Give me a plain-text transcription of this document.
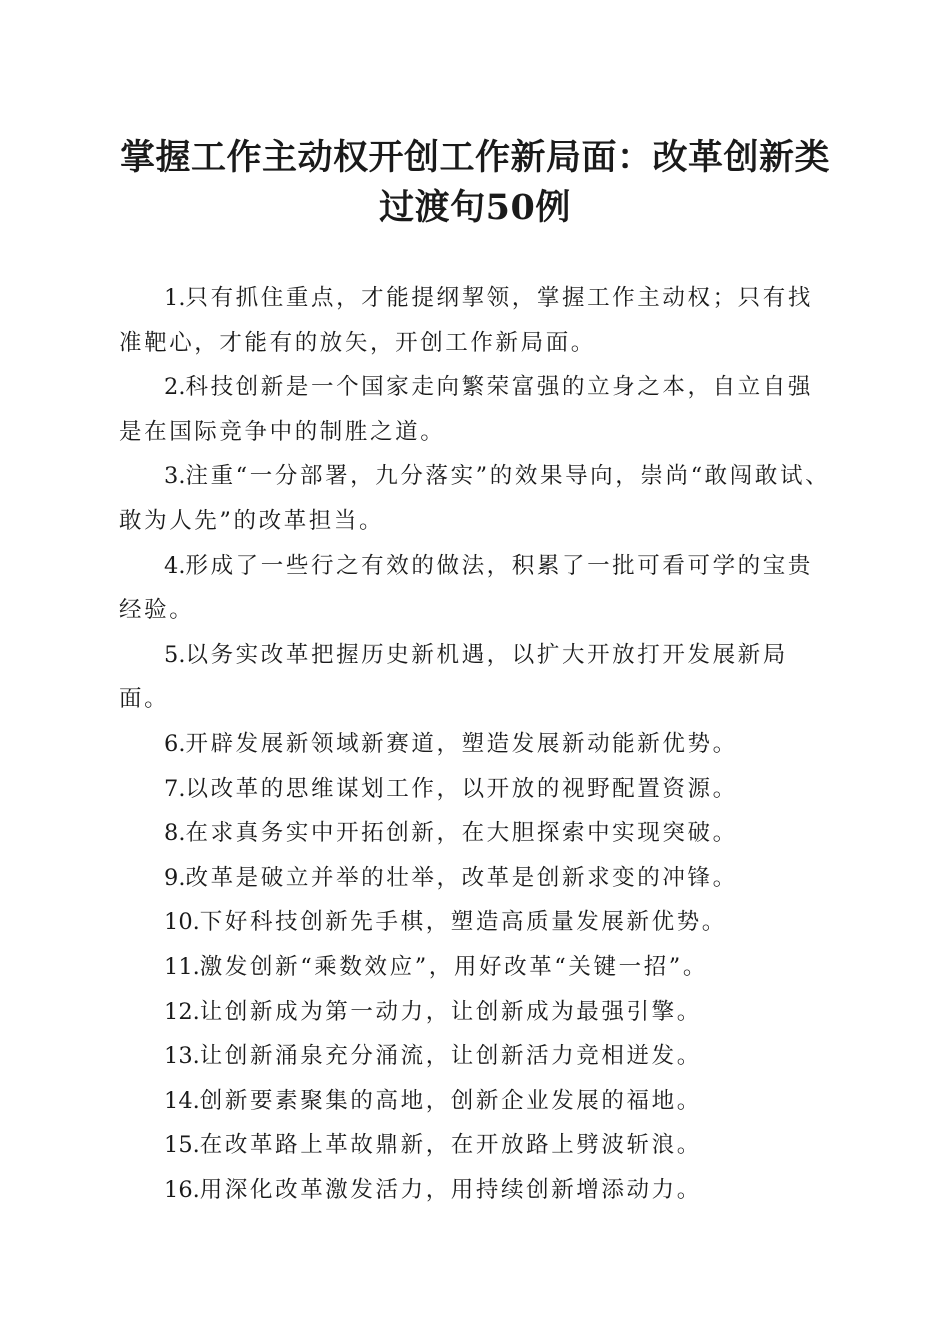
掌握工作主动权开创工作新局面：改革创新类
过渡句50例
1.只有抓住重点，才能提纲挈领，掌握工作主动权；只有找准靶心，才能有的放矢，开创工作新局面。
2.科技创新是一个国家走向繁荣富强的立身之本，自立自强是在国际竞争中的制胜之道。
3.注重“一分部署，九分落实”的效果导向，崇尚“敢闯敢试、敢为人先”的改革担当。
4.形成了一些行之有效的做法，积累了一批可看可学的宝贵经验。
5.以务实改革把握历史新机遇，以扩大开放打开发展新局面。
6.开辟发展新领域新赛道，塑造发展新动能新优势。
7.以改革的思维谋划工作，以开放的视野配置资源。
8.在求真务实中开拓创新，在大胆探索中实现突破。
9.改革是破立并举的壮举，改革是创新求变的冲锋。
10.下好科技创新先手棋，塑造高质量发展新优势。
11.激发创新“乘数效应”，用好改革“关键一招”。
12.让创新成为第一动力，让创新成为最强引擎。
13.让创新涌泉充分涌流，让创新活力竞相迸发。
14.创新要素聚集的高地，创新企业发展的福地。
15.在改革路上革故鼎新，在开放路上劈波斩浪。
16.用深化改革激发活力，用持续创新增添动力。
